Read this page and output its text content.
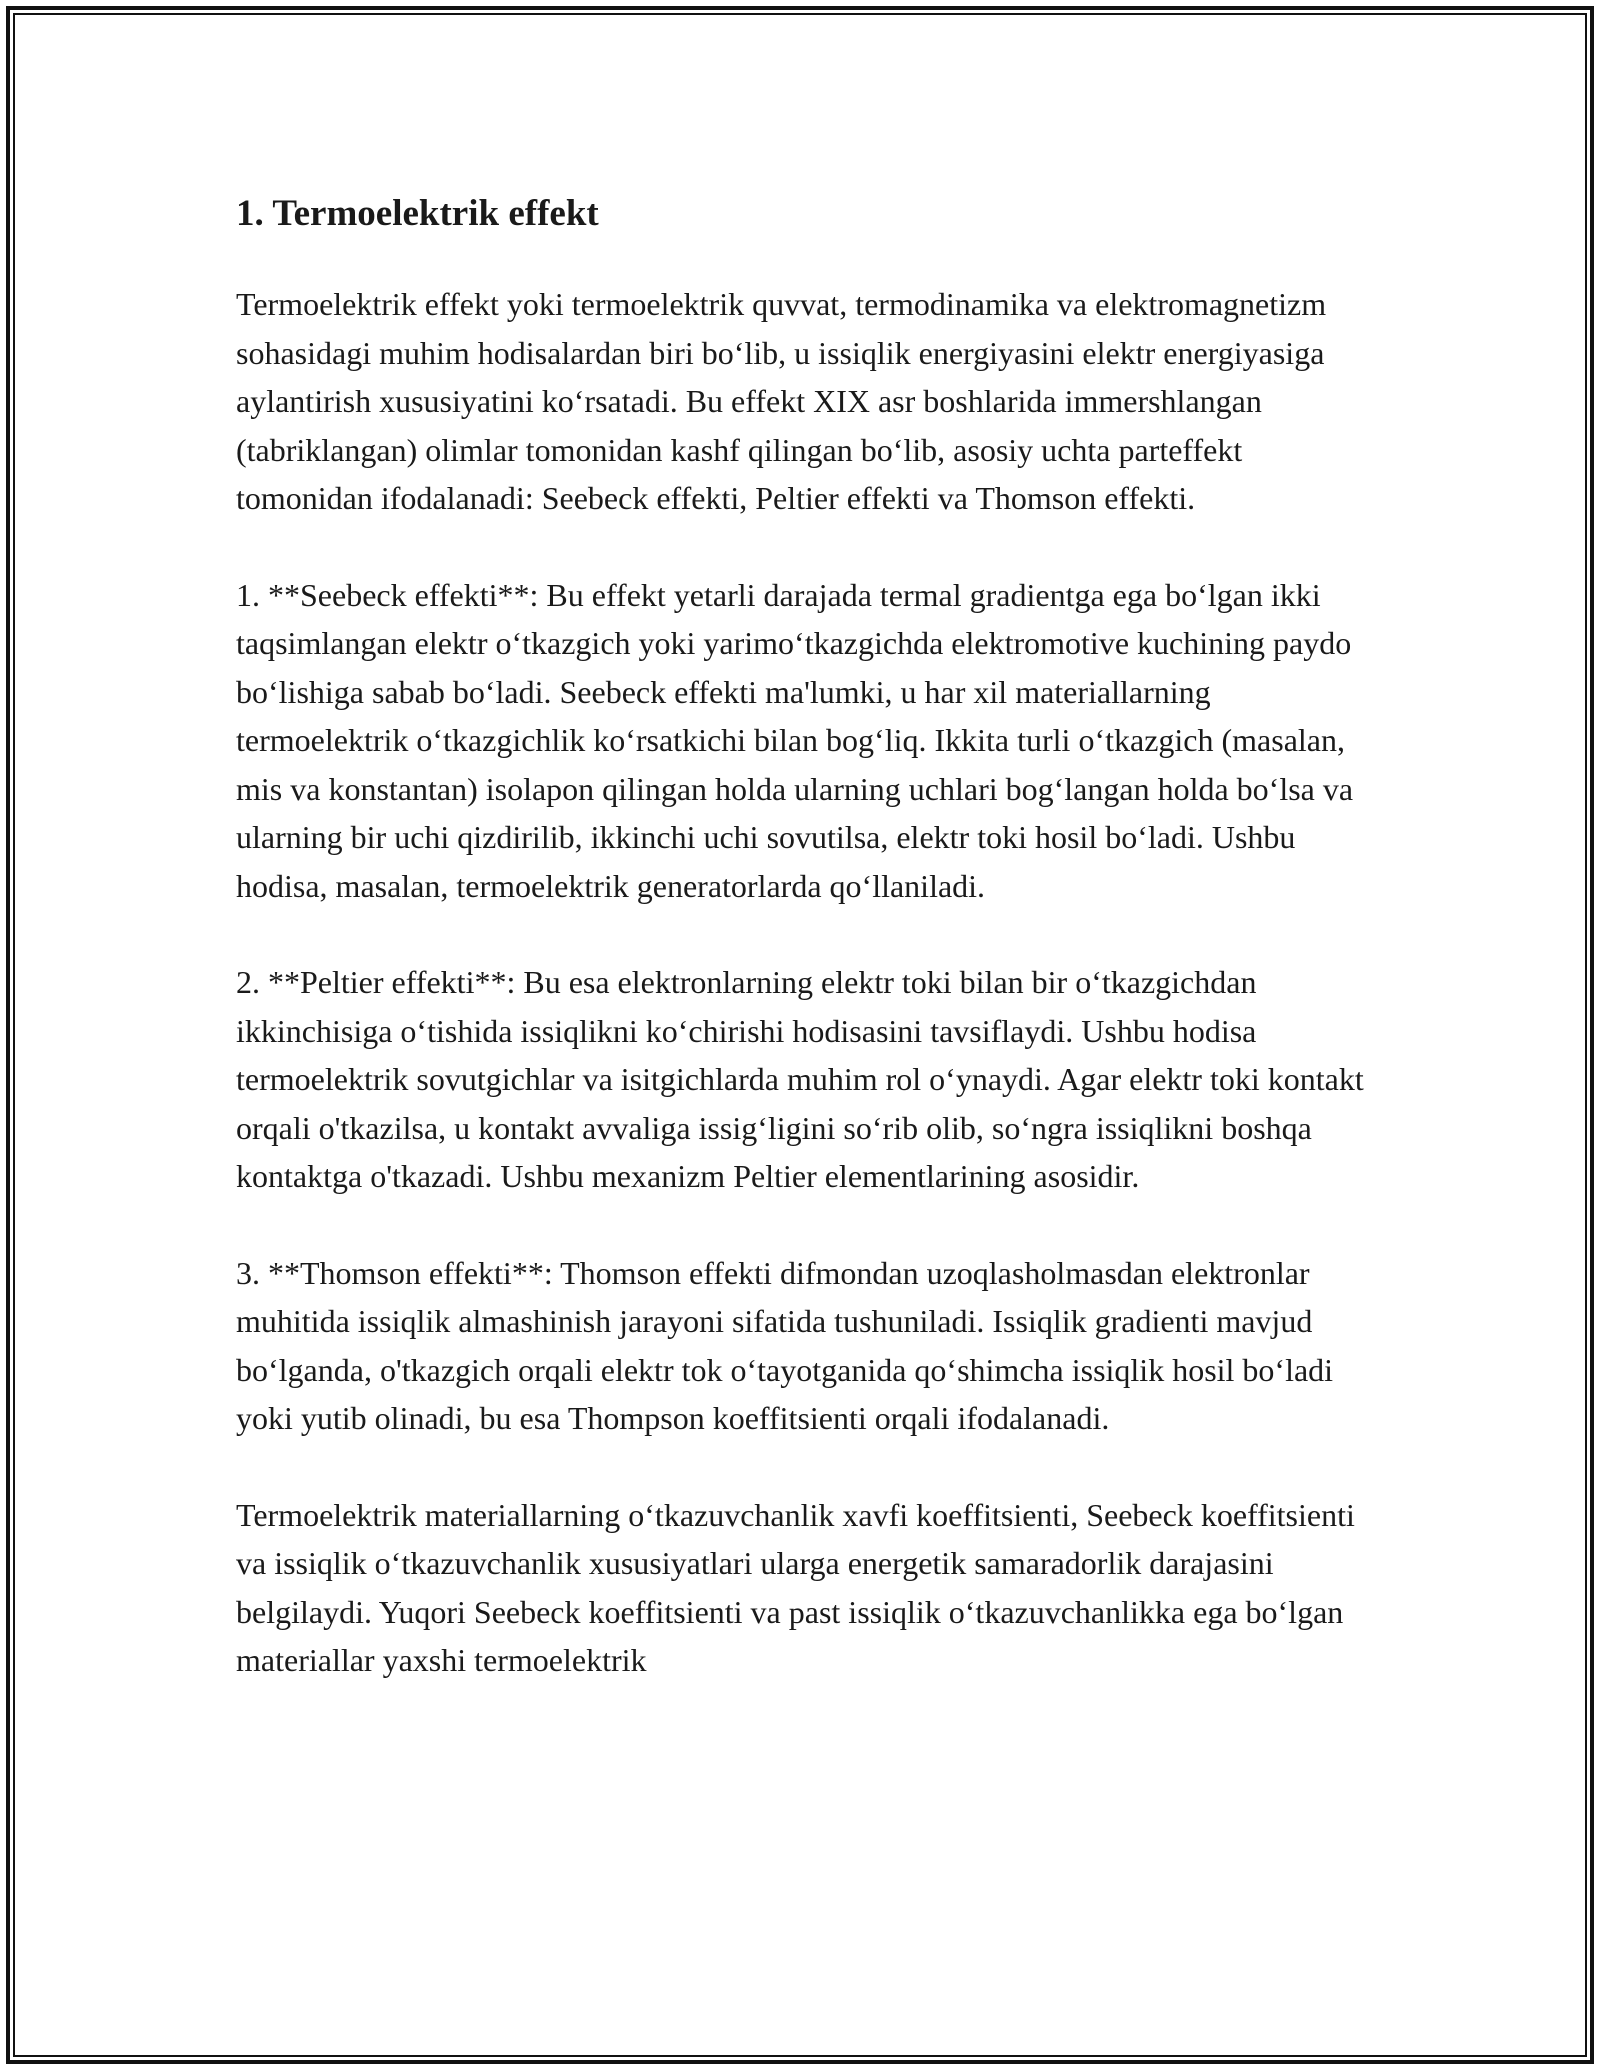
1. Termoelektrik effekt

Termoelektrik effekt yoki termoelektrik quvvat, termodinamika va elektromagnetizm sohasidagi muhim hodisalardan biri bo‘lib, u issiqlik energiyasini elektr energiyasiga aylantirish xususiyatini ko‘rsatadi. Bu effekt XIX asr boshlarida immershlangan (tabriklangan) olimlar tomonidan kashf qilingan bo‘lib, asosiy uchta parteffekt tomonidan ifodalanadi: Seebeck effekti, Peltier effekti va Thomson effekti.

1. **Seebeck effekti**: Bu effekt yetarli darajada termal gradientga ega bo‘lgan ikki taqsimlangan elektr o‘tkazgich yoki yarimo‘tkazgichda elektromotive kuchining paydo bo‘lishiga sabab bo‘ladi. Seebeck effekti ma'lumki, u har xil materiallarning termoelektrik o‘tkazgichlik ko‘rsatkichi bilan bog‘liq. Ikkita turli o‘tkazgich (masalan, mis va konstantan) isolapon qilingan holda ularning uchlari bog‘langan holda bo‘lsa va ularning bir uchi qizdirilib, ikkinchi uchi sovutilsa, elektr toki hosil bo‘ladi. Ushbu hodisa, masalan, termoelektrik generatorlarda qo‘llaniladi.

2. **Peltier effekti**: Bu esa elektronlarning elektr toki bilan bir o‘tkazgichdan ikkinchisiga o‘tishida issiqlikni ko‘chirishi hodisasini tavsiflaydi. Ushbu hodisa termoelektrik sovutgichlar va isitgichlarda muhim rol o‘ynaydi. Agar elektr toki kontakt orqali o'tkazilsa, u kontakt avvaliga issig‘ligini so‘rib olib, so‘ngra issiqlikni boshqa kontaktga o'tkazadi. Ushbu mexanizm Peltier elementlarining asosidir.

3. **Thomson effekti**: Thomson effekti difmondan uzoqlasholmasdan elektronlar muhitida issiqlik almashinish jarayoni sifatida tushuniladi. Issiqlik gradienti mavjud bo‘lganda, o'tkazgich orqali elektr tok o‘tayotganida qo‘shimcha issiqlik hosil bo‘ladi yoki yutib olinadi, bu esa Thompson koeffitsienti orqali ifodalanadi.

Termoelektrik materiallarning o‘tkazuvchanlik xavfi koeffitsienti, Seebeck koeffitsienti va issiqlik o‘tkazuvchanlik xususiyatlari ularga energetik samaradorlik darajasini belgilaydi. Yuqori Seebeck koeffitsienti va past issiqlik o‘tkazuvchanlikka ega bo‘lgan materiallar yaxshi termoelektrik
